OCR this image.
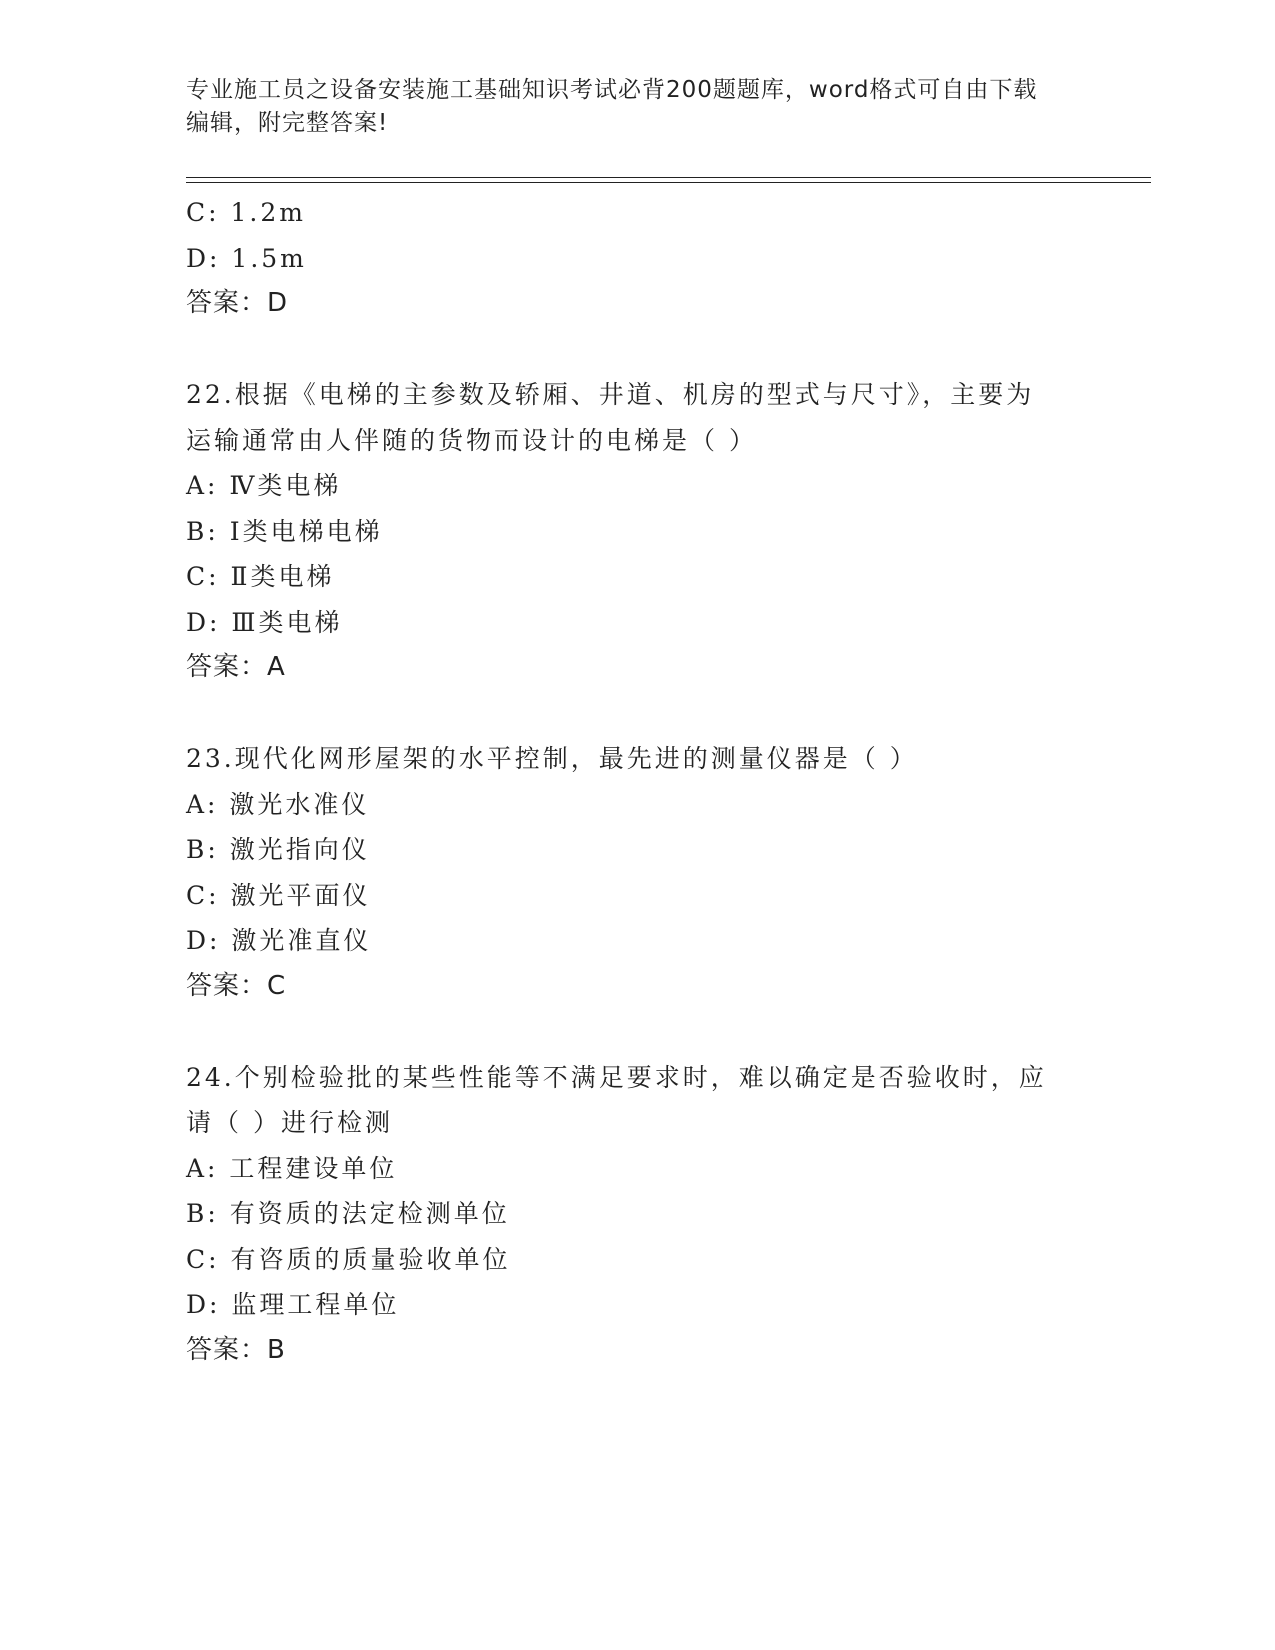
专业施工员之设备安装施工基础知识考试必背200题题库，word格式可自由下载
编辑，附完整答案!
C: 1.2m
D: 1.5m
答案：D
22.根据《电梯的主参数及轿厢、井道、机房的型式与尺寸》，主要为
运输通常由人伴随的货物而设计的电梯是（ ）
A: Ⅳ类电梯
B: Ⅰ类电梯电梯
C: Ⅱ类电梯
D: Ⅲ类电梯
答案：A
23.现代化网形屋架的水平控制，最先进的测量仪器是（ ）
A: 激光水准仪
B: 激光指向仪
C: 激光平面仪
D: 激光准直仪
答案：C
24.个别检验批的某些性能等不满足要求时，难以确定是否验收时，应
请（ ）进行检测
A: 工程建设单位
B: 有资质的法定检测单位
C: 有咨质的质量验收单位
D: 监理工程单位
答案：B
